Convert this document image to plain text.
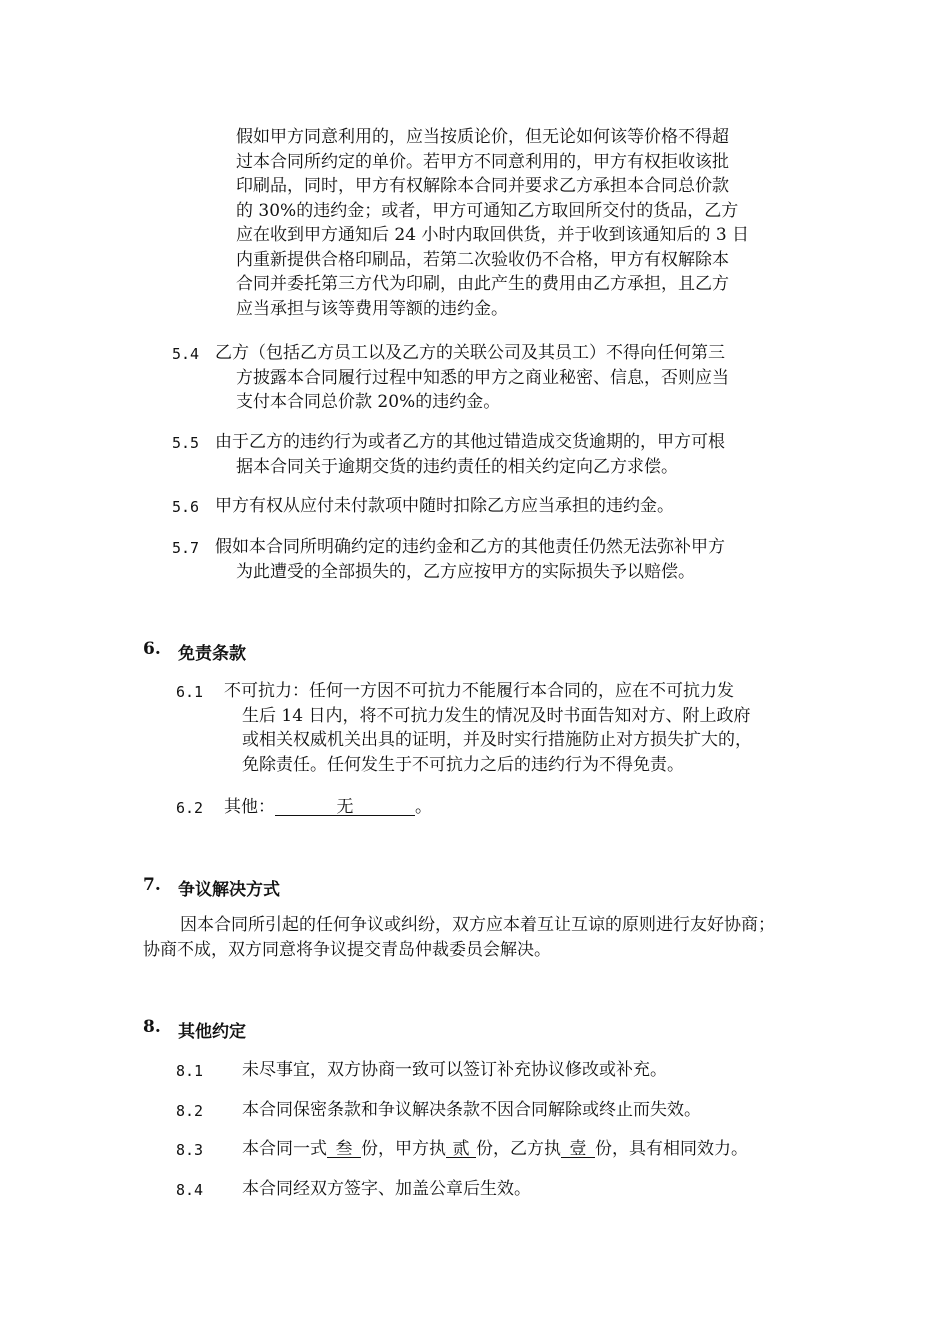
假如甲方同意利用的，应当按质论价，但无论如何该等价格不得超
过本合同所约定的单价。若甲方不同意利用的，甲方有权拒收该批
印刷品，同时，甲方有权解除本合同并要求乙方承担本合同总价款
的 30%的违约金；或者，甲方可通知乙方取回所交付的货品，乙方
应在收到甲方通知后 24 小时内取回供货，并于收到该通知后的 3 日
内重新提供合格印刷品，若第二次验收仍不合格，甲方有权解除本
合同并委托第三方代为印刷，由此产生的费用由乙方承担，且乙方
应当承担与该等费用等额的违约金。
5.4 乙方（包括乙方员工以及乙方的关联公司及其员工）不得向任何第三
方披露本合同履行过程中知悉的甲方之商业秘密、信息，否则应当
支付本合同总价款 20%的违约金。
5.5 由于乙方的违约行为或者乙方的其他过错造成交货逾期的，甲方可根
据本合同关于逾期交货的违约责任的相关约定向乙方求偿。
5.6 甲方有权从应付未付款项中随时扣除乙方应当承担的违约金。
5.7 假如本合同所明确约定的违约金和乙方的其他责任仍然无法弥补甲方
为此遭受的全部损失的，乙方应按甲方的实际损失予以赔偿。
6. 免责条款
6.1 不可抗力：任何一方因不可抗力不能履行本合同的，应在不可抗力发
生后 14 日内，将不可抗力发生的情况及时书面告知对方、附上政府
或相关权威机关出具的证明，并及时实行措施防止对方损失扩大的，
免除责任。任何发生于不可抗力之后的违约行为不得免责。
6.2 其他：	无	。
7. 争议解决方式
因本合同所引起的任何争议或纠纷，双方应本着互让互谅的原则进行友好协商；
协商不成，双方同意将争议提交青岛仲裁委员会解决。
8. 其他约定
8.1 未尽事宜，双方协商一致可以签订补充协议修改或补充。
8.2 本合同保密条款和争议解决条款不因合同解除或终止而失效。
8.3 本合同一式 叁 份，甲方执 贰 份，乙方执 壹 份，具有相同效力。
8.4 本合同经双方签字、加盖公章后生效。
